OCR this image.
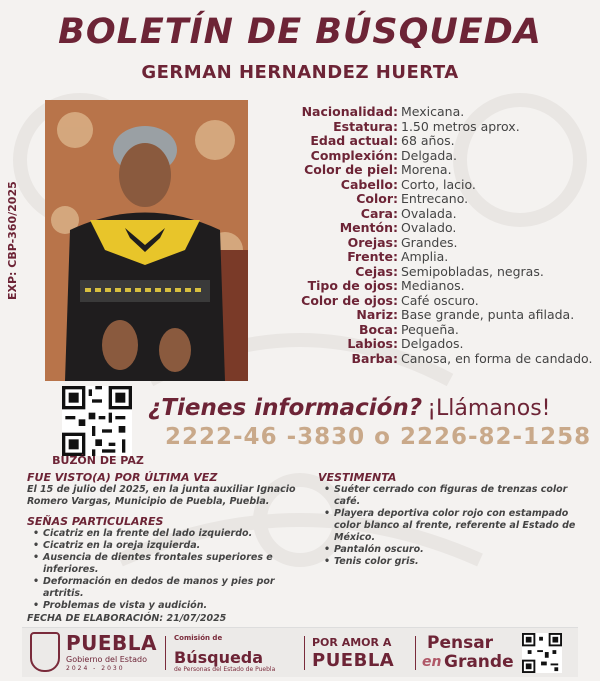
BOLETÍN DE BÚSQUEDA
GERMAN HERNANDEZ HUERTA
EXP: CBP-360/2025
Nacionalidad: Mexicana.
Estatura: 1.50 metros aprox.
Edad actual: 68 años.
Complexión: Delgada.
Color de piel: Morena.
Cabello: Corto, lacio.
Color: Entrecano.
Cara: Ovalada.
Mentón: Ovalado.
Orejas: Grandes.
Frente: Amplia.
Cejas: Semipobladas, negras.
Tipo de ojos: Medianos.
Color de ojos: Café oscuro.
Nariz: Base grande, punta afilada.
Boca: Pequeña.
Labios: Delgados.
Barba: Canosa, en forma de candado.
BUZÓN DE PAZ
¿Tienes información? ¡Llámanos!
2222-46 -3830 o 2226-82-1258
FUE VISTO(A) POR ÚLTIMA VEZ
El 15 de julio del 2025, en la junta auxiliar Ignacio Romero Vargas, Municipio de Puebla, Puebla.
SEÑAS PARTICULARES
• Cicatriz en la frente del lado izquierdo.
• Cicatriz en la oreja izquierda.
• Ausencia de dientes frontales superiores e inferiores.
• Deformación en dedos de manos y pies por artritis.
• Problemas de vista y audición.
VESTIMENTA
• Suéter cerrado con figuras de trenzas color café.
• Playera deportiva color rojo con estampado color blanco al frente, referente al Estado de México.
• Pantalón oscuro.
• Tenis color gris.
FECHA DE ELABORACIÓN: 21/07/2025
PUEBLA
Gobierno del Estado
2024 - 2030
Comisión de
Búsqueda
de Personas del Estado de Puebla
POR AMOR A
PUEBLA
Pensar
en Grande
